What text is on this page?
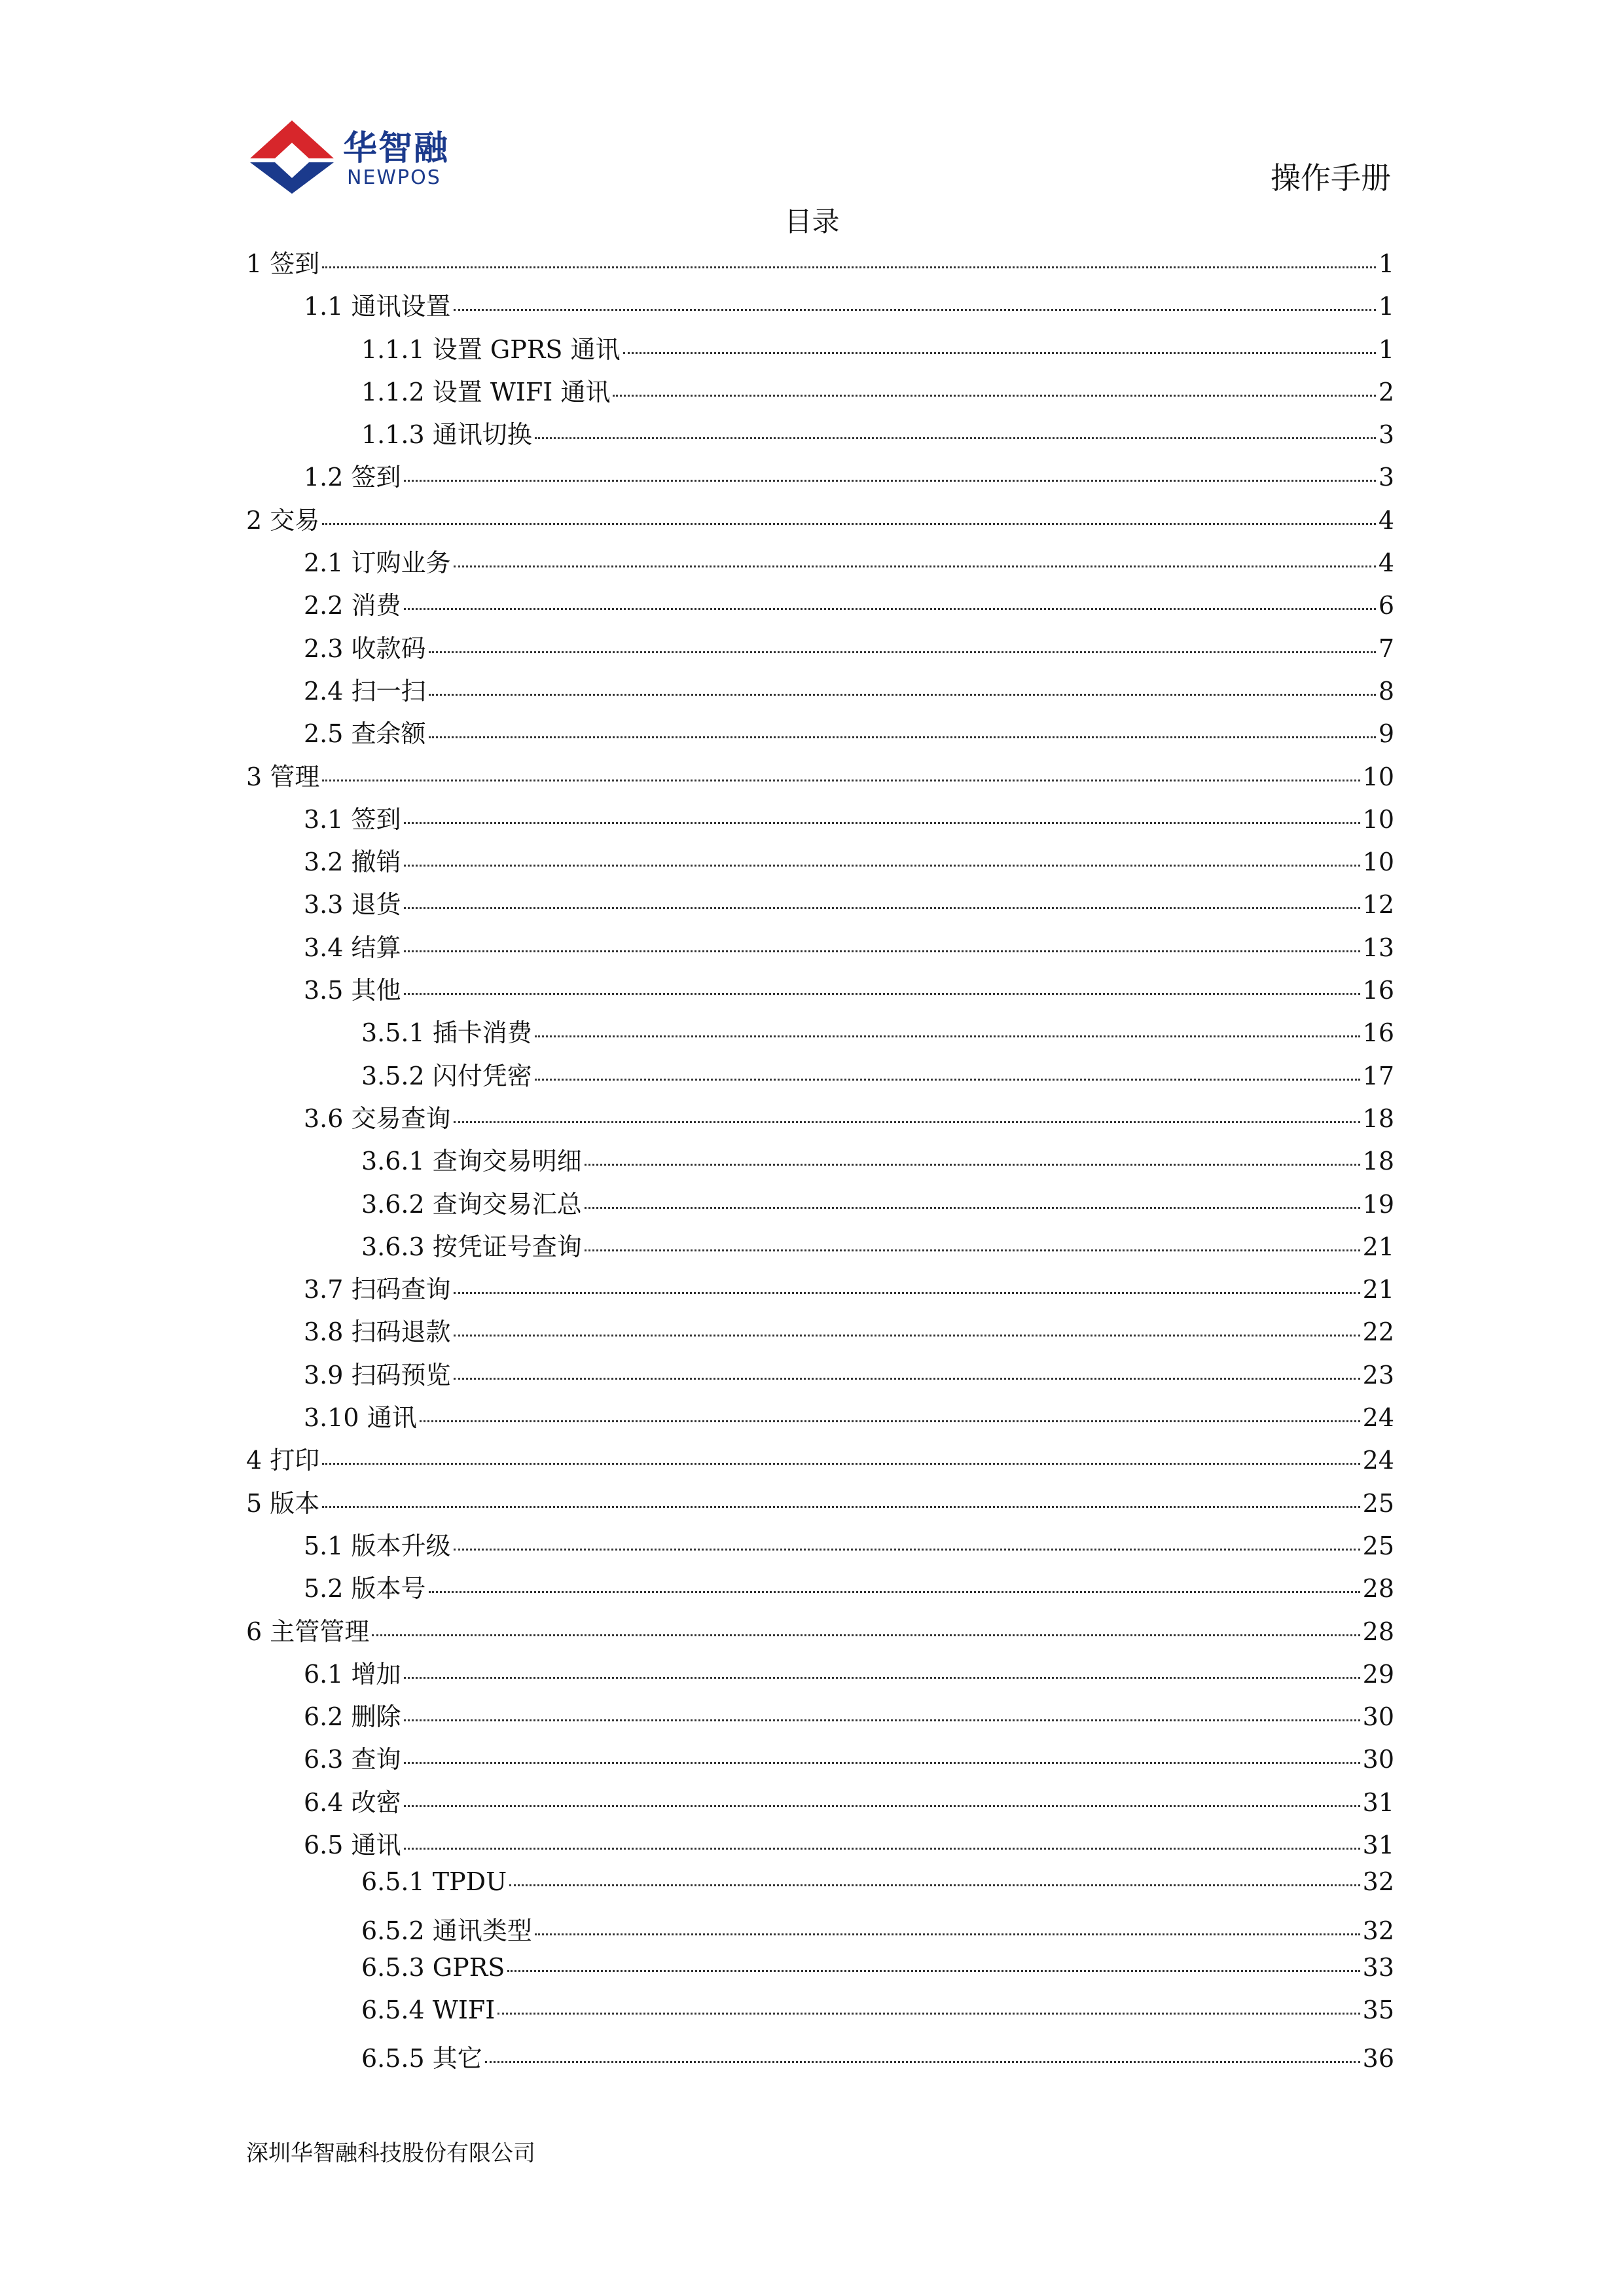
华智融
NEWPOS	操作手册
目录
1 签到	1
1.1 通讯设置	1
1.1.1 设置 GPRS 通讯	1
1.1.2 设置 WIFI 通讯	2
1.1.3 通讯切换	3
1.2 签到	3
2 交易	4
2.1 订购业务	4
2.2 消费	6
2.3 收款码	7
2.4 扫一扫	8
2.5 查余额	9
3 管理	10
3.1 签到	10
3.2 撤销	10
3.3 退货	12
3.4 结算	13
3.5 其他	16
3.5.1 插卡消费	16
3.5.2 闪付凭密	17
3.6 交易查询	18
3.6.1 查询交易明细	18
3.6.2 查询交易汇总	19
3.6.3 按凭证号查询	21
3.7 扫码查询	21
3.8 扫码退款	22
3.9 扫码预览	23
3.10 通讯	24
4 打印	24
5 版本	25
5.1 版本升级	25
5.2 版本号	28
6 主管管理	28
6.1 增加	29
6.2 删除	30
6.3 查询	30
6.4 改密	31
6.5 通讯	31
6.5.1 TPDU	32
6.5.2 通讯类型	32
6.5.3 GPRS	33
6.5.4 WIFI	35
6.5.5 其它	36
深圳华智融科技股份有限公司
